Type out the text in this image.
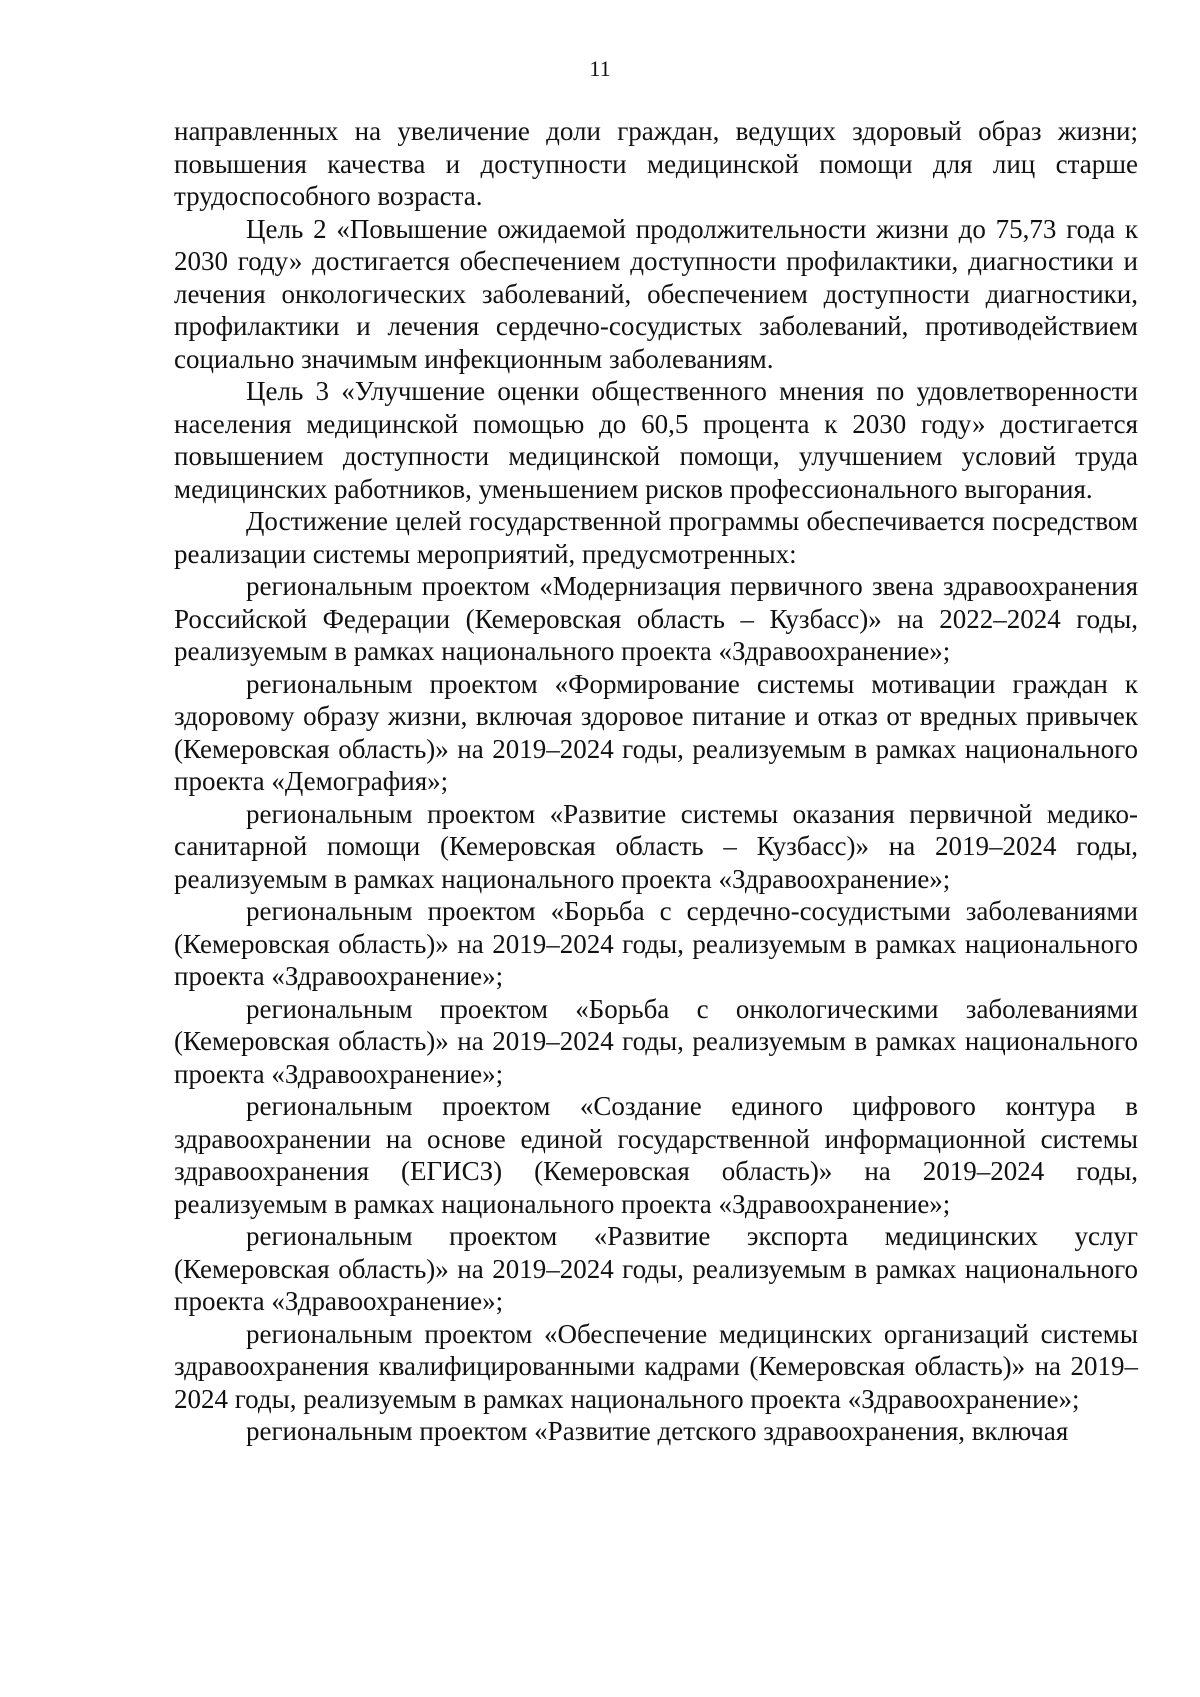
11

направленных на увеличение доли граждан, ведущих здоровый образ жизни; повышения качества и доступности медицинской помощи для лиц старше трудоспособного возраста.

Цель 2 «Повышение ожидаемой продолжительности жизни до 75,73 года к 2030 году» достигается обеспечением доступности профилактики, диагностики и лечения онкологических заболеваний, обеспечением доступности диагностики, профилактики и лечения сердечно-сосудистых заболеваний, противодействием социально значимым инфекционным заболеваниям.

Цель 3 «Улучшение оценки общественного мнения по удовлетворенности населения медицинской помощью до 60,5 процента к 2030 году» достигается повышением доступности медицинской помощи, улучшением условий труда медицинских работников, уменьшением рисков профессионального выгорания.

Достижение целей государственной программы обеспечивается посредством реализации системы мероприятий, предусмотренных:

региональным проектом «Модернизация первичного звена здравоохранения Российской Федерации (Кемеровская область – Кузбасс)» на 2022–2024 годы, реализуемым в рамках национального проекта «Здравоохранение»;

региональным проектом «Формирование системы мотивации граждан к здоровому образу жизни, включая здоровое питание и отказ от вредных привычек (Кемеровская область)» на 2019–2024 годы, реализуемым в рамках национального проекта «Демография»;

региональным проектом «Развитие системы оказания первичной медико-санитарной помощи (Кемеровская область – Кузбасс)» на 2019–2024 годы, реализуемым в рамках национального проекта «Здравоохранение»;

региональным проектом «Борьба с сердечно-сосудистыми заболеваниями (Кемеровская область)» на 2019–2024 годы, реализуемым в рамках национального проекта «Здравоохранение»;

региональным проектом «Борьба с онкологическими заболеваниями (Кемеровская область)» на 2019–2024 годы, реализуемым в рамках национального проекта «Здравоохранение»;

региональным проектом «Создание единого цифрового контура в здравоохранении на основе единой государственной информационной системы здравоохранения (ЕГИСЗ) (Кемеровская область)» на 2019–2024 годы, реализуемым в рамках национального проекта «Здравоохранение»;

региональным проектом «Развитие экспорта медицинских услуг (Кемеровская область)» на 2019–2024 годы, реализуемым в рамках национального проекта «Здравоохранение»;

региональным проектом «Обеспечение медицинских организаций системы здравоохранения квалифицированными кадрами (Кемеровская область)» на 2019–2024 годы, реализуемым в рамках национального проекта «Здравоохранение»;

региональным проектом «Развитие детского здравоохранения, включая
